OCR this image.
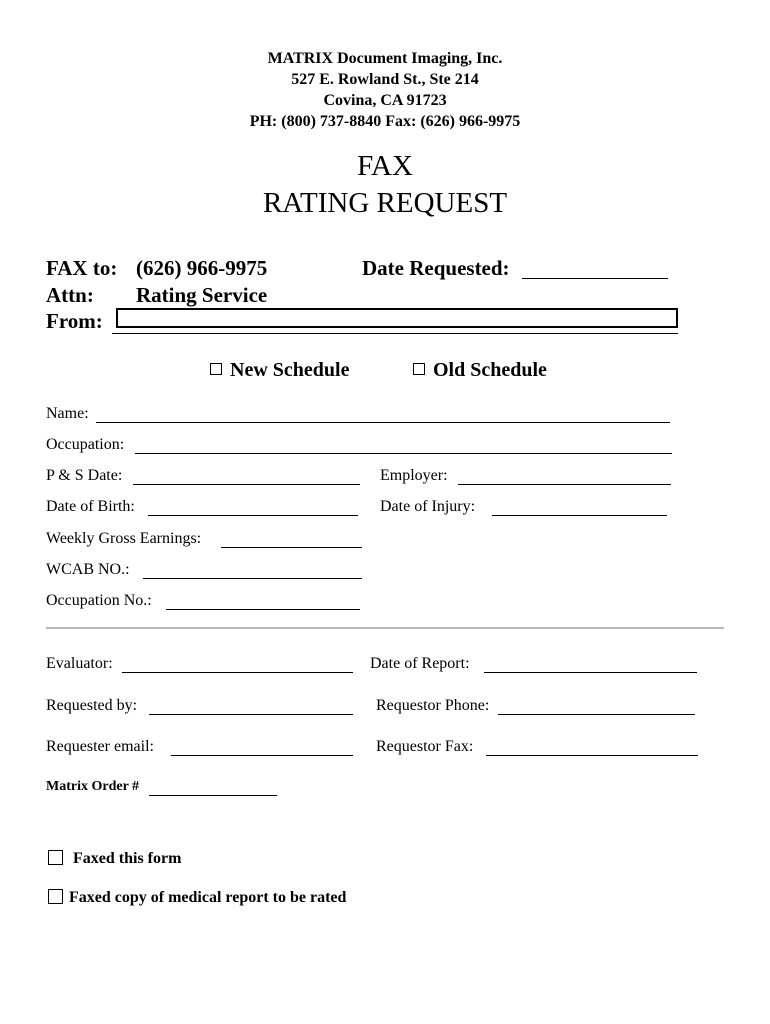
MATRIX Document Imaging, Inc.
527 E. Rowland St., Ste 214
Covina, CA 91723
PH: (800) 737-8840 Fax: (626) 966-9975
FAX
RATING REQUEST
FAX to: (626) 966-9975	Date Requested:
Attn: Rating Service
From:
New Schedule	Old Schedule
Name:
Occupation:
P & S Date:	Employer:
Date of Birth:	Date of Injury:
Weekly Gross Earnings:
WCAB NO.:
Occupation No.:
Evaluator:	Date of Report:
Requested by:	Requestor Phone:
Requester email:	Requestor Fax:
Matrix Order #
Faxed this form
Faxed copy of medical report to be rated
